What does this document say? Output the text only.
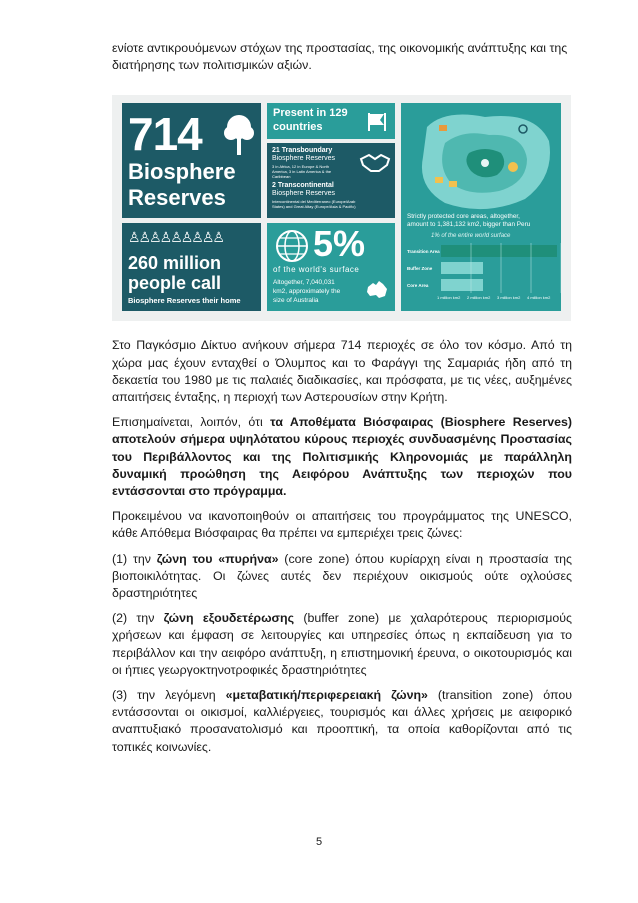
ενίοτε αντικρουόμενων στόχων της προστασίας, της οικονομικής ανάπτυξης και της διατήρησης των πολιτισμικών αξιών.

714
Biosphere
Reserves
Present in 129
countries
21 Transboundary
Biosphere Reserves
3 in Africa, 12 in Europe & North
America, 3 in Latin America & the
Caribbean
2 Transcontinental
Biosphere Reserves
Intercontinental del Mediterraneo (Europe/Arab
States) and Great Altay (Europe/Asia & Pacific)
♙♙♙♙♙♙♙♙♙
260 million
people call
Biosphere Reserves their home
5%
of the world's surface
Altogether, 7,040,031
km2, approximately the
size of Australia
Strictly protected core areas, altogether,
amount to 1,381,132 km2, bigger than Peru
1% of the entire world surface
Transition Area
Buffer Zone
Core Area
1 million km2 2 million km2 3 million km2 4 million km2

Στο Παγκόσμιο Δίκτυο ανήκουν σήμερα 714 περιοχές σε όλο τον κόσμο. Από τη χώρα μας έχουν ενταχθεί ο Όλυμπος και το Φαράγγι της Σαμαριάς ήδη από τη δεκαετία του 1980 με τις παλαιές διαδικασίες, και πρόσφατα, με τις νέες, αυξημένες απαιτήσεις ένταξης, η περιοχή των Αστερουσίων στην Κρήτη.

Επισημαίνεται, λοιπόν, ότι τα Αποθέματα Βιόσφαιρας (Biosphere Reserves) αποτελούν σήμερα υψηλότατου κύρους περιοχές συνδυασμένης Προστασίας του Περιβάλλοντος και της Πολιτισμικής Κληρονομιάς με παράλληλη δυναμική προώθηση της Αειφόρου Ανάπτυξης των περιοχών που εντάσσονται στο πρόγραμμα.

Προκειμένου να ικανοποιηθούν οι απαιτήσεις του προγράμματος της UNESCO, κάθε Απόθεμα Βιόσφαιρας θα πρέπει να εμπεριέχει τρεις ζώνες:

(1) την ζώνη του «πυρήνα» (core zone) όπου κυρίαρχη είναι η προστασία της βιοποικιλότητας. Οι ζώνες αυτές δεν περιέχουν οικισμούς ούτε οχλούσες δραστηριότητες

(2) την ζώνη εξουδετέρωσης (buffer zone) με χαλαρότερους περιορισμούς χρήσεων και έμφαση σε λειτουργίες και υπηρεσίες όπως η εκπαίδευση για το περιβάλλον και την αειφόρο ανάπτυξη, η επιστημονική έρευνα, ο οικοτουρισμός και οι ήπιες γεωργοκτηνοτροφικές δραστηριότητες

(3) την λεγόμενη «μεταβατική/περιφερειακή ζώνη» (transition zone) όπου εντάσσονται οι οικισμοί, καλλιέργειες, τουρισμός και άλλες χρήσεις με αειφορικό αναπτυξιακό προσανατολισμό και προοπτική, τα οποία καθορίζονται από τις τοπικές κοινωνίες.

5
